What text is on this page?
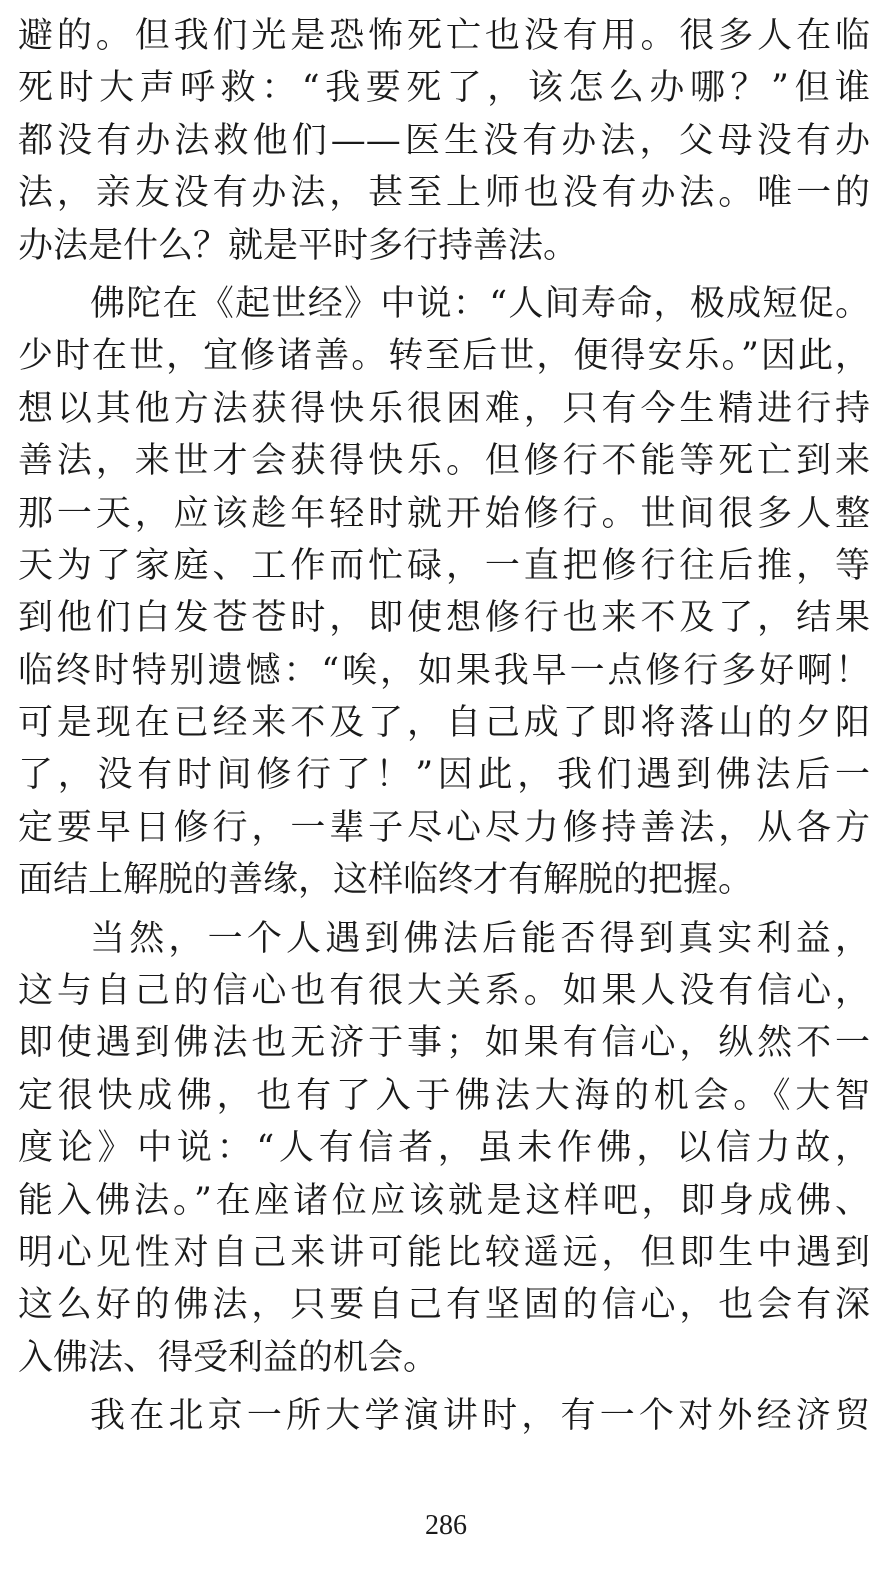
避的。但我们光是恐怖死亡也没有用。很多人在临
死时大声呼救：“我要死了，该怎么办哪？”但谁
都没有办法救他们——医生没有办法，父母没有办
法，亲友没有办法，甚至上师也没有办法。唯一的
办法是什么？就是平时多行持善法。
佛陀在《起世经》中说：“人间寿命，极成短促。
少时在世，宜修诸善。转至后世，便得安乐。”因此，
想以其他方法获得快乐很困难，只有今生精进行持
善法，来世才会获得快乐。但修行不能等死亡到来
那一天，应该趁年轻时就开始修行。世间很多人整
天为了家庭、工作而忙碌，一直把修行往后推，等
到他们白发苍苍时，即使想修行也来不及了，结果
临终时特别遗憾：“唉，如果我早一点修行多好啊！
可是现在已经来不及了，自己成了即将落山的夕阳
了，没有时间修行了！”因此，我们遇到佛法后一
定要早日修行，一辈子尽心尽力修持善法，从各方
面结上解脱的善缘，这样临终才有解脱的把握。
当然，一个人遇到佛法后能否得到真实利益，
这与自己的信心也有很大关系。如果人没有信心，
即使遇到佛法也无济于事；如果有信心，纵然不一
定很快成佛，也有了入于佛法大海的机会。《大智
度论》中说：“人有信者，虽未作佛，以信力故，
能入佛法。”在座诸位应该就是这样吧，即身成佛、
明心见性对自己来讲可能比较遥远，但即生中遇到
这么好的佛法，只要自己有坚固的信心，也会有深
入佛法、得受利益的机会。
我在北京一所大学演讲时，有一个对外经济贸
286
